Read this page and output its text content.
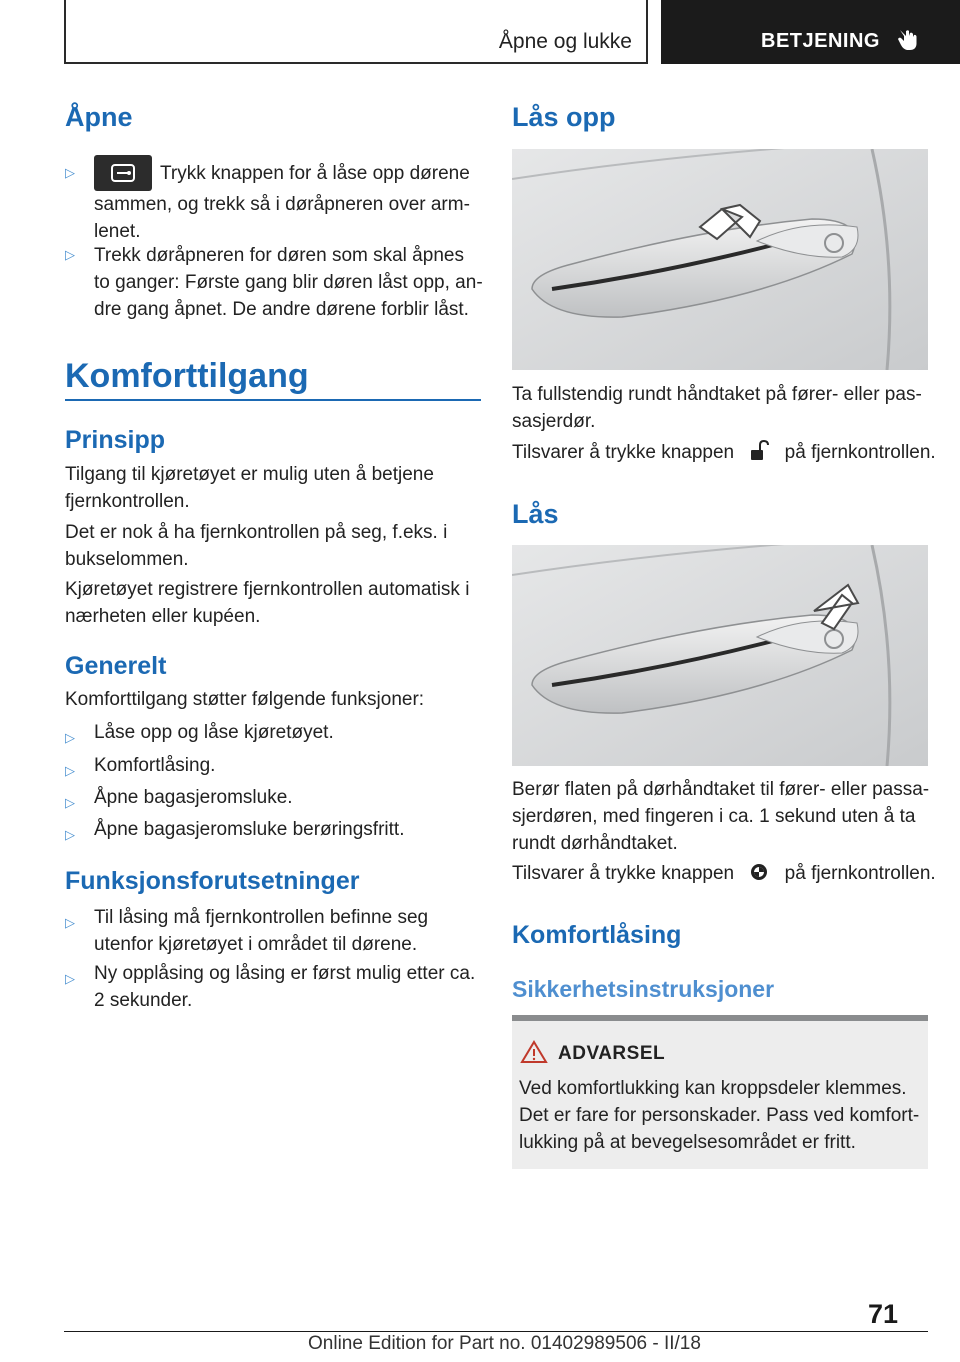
Åpne og lukke	BETJENING
Åpne
▷	Trykk knappen for å låse opp dørene
sammen, og trekk så i døråpneren over arm-
lenet.
▷ Trekk døråpneren for døren som skal åpnes
to ganger: Første gang blir døren låst opp, an-
dre gang åpnet. De andre dørene forblir låst.
Komforttilgang
Prinsipp
Tilgang til kjøretøyet er mulig uten å betjene
fjernkontrollen.
Det er nok å ha fjernkontrollen på seg, f.eks. i
bukselommen.
Kjøretøyet registrere fjernkontrollen automatisk i
nærheten eller kupéen.
Generelt
Komforttilgang støtter følgende funksjoner:
▷ Låse opp og låse kjøretøyet.
▷ Komfortlåsing.
▷ Åpne bagasjeromsluke.
▷ Åpne bagasjeromsluke berøringsfritt.
Funksjonsforutsetninger
▷ Til låsing må fjernkontrollen befinne seg
utenfor kjøretøyet i området til dørene.
▷ Ny opplåsing og låsing er først mulig etter ca.
2 sekunder.
Lås opp
Ta fullstendig rundt håndtaket på fører- eller pas-
sasjerdør.
Tilsvarer å trykke knappen	på fjernkontrollen.
Lås
Berør flaten på dørhåndtaket til fører- eller passa-
sjerdøren, med fingeren i ca. 1 sekund uten å ta
rundt dørhåndtaket.
Tilsvarer å trykke knappen	på fjernkontrollen.
Komfortlåsing
Sikkerhetsinstruksjoner
ADVARSEL
Ved komfortlukking kan kroppsdeler klemmes.
Det er fare for personskader. Pass ved komfort-
lukking på at bevegelsesområdet er fritt.
71
Online Edition for Part no. 01402989506 - II/18
